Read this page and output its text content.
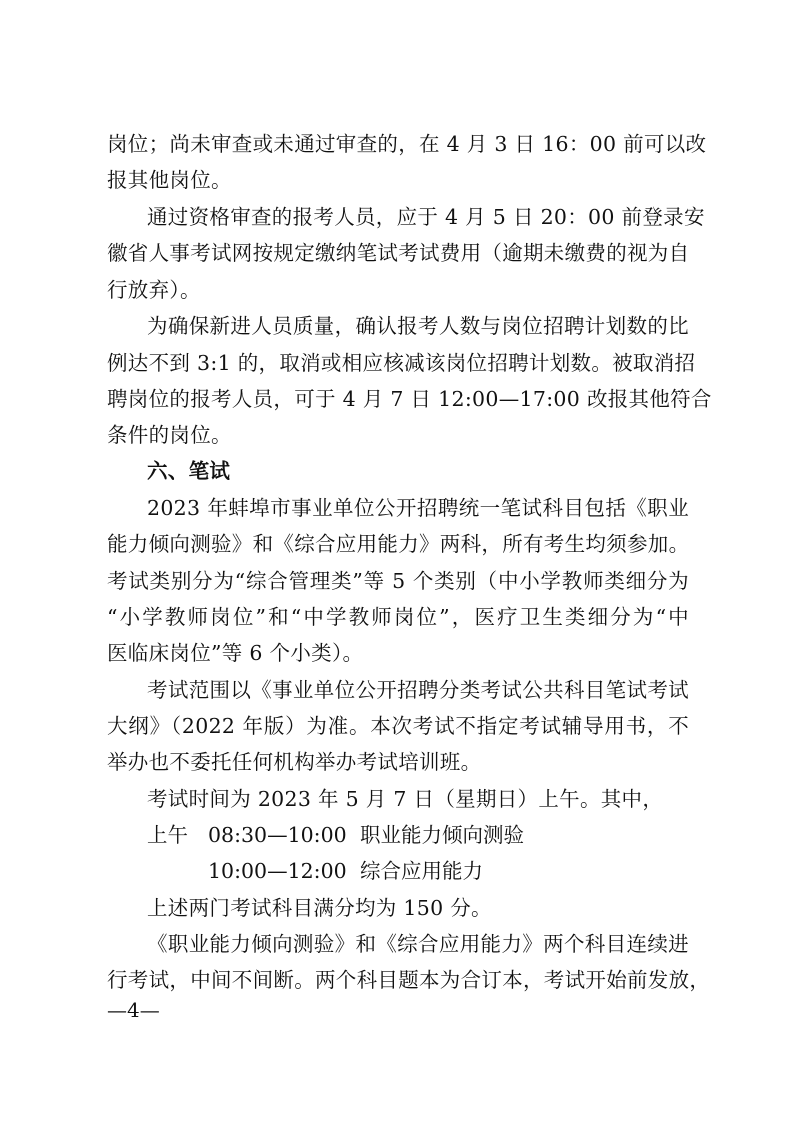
岗位；尚未审查或未通过审查的，在 4 月 3 日 16：00 前可以改
报其他岗位。
通过资格审查的报考人员，应于 4 月 5 日 20：00 前登录安
徽省人事考试网按规定缴纳笔试考试费用（逾期未缴费的视为自
行放弃）。
为确保新进人员质量，确认报考人数与岗位招聘计划数的比
例达不到 3:1 的，取消或相应核减该岗位招聘计划数。被取消招
聘岗位的报考人员，可于 4 月 7 日 12:00—17:00 改报其他符合
条件的岗位。
六、笔试
2023 年蚌埠市事业单位公开招聘统一笔试科目包括《职业
能力倾向测验》和《综合应用能力》两科，所有考生均须参加。
考试类别分为“综合管理类”等 5 个类别（中小学教师类细分为
“小学教师岗位”和“中学教师岗位”，医疗卫生类细分为“中
医临床岗位”等 6 个小类）。
考试范围以《事业单位公开招聘分类考试公共科目笔试考试
大纲》（2022 年版）为准。本次考试不指定考试辅导用书，不
举办也不委托任何机构举办考试培训班。
考试时间为 2023 年 5 月 7 日（星期日）上午。其中，
上午 08:30—10:00 职业能力倾向测验
10:00—12:00 综合应用能力
上述两门考试科目满分均为 150 分。
《职业能力倾向测验》和《综合应用能力》两个科目连续进
行考试，中间不间断。两个科目题本为合订本，考试开始前发放，
—4—
